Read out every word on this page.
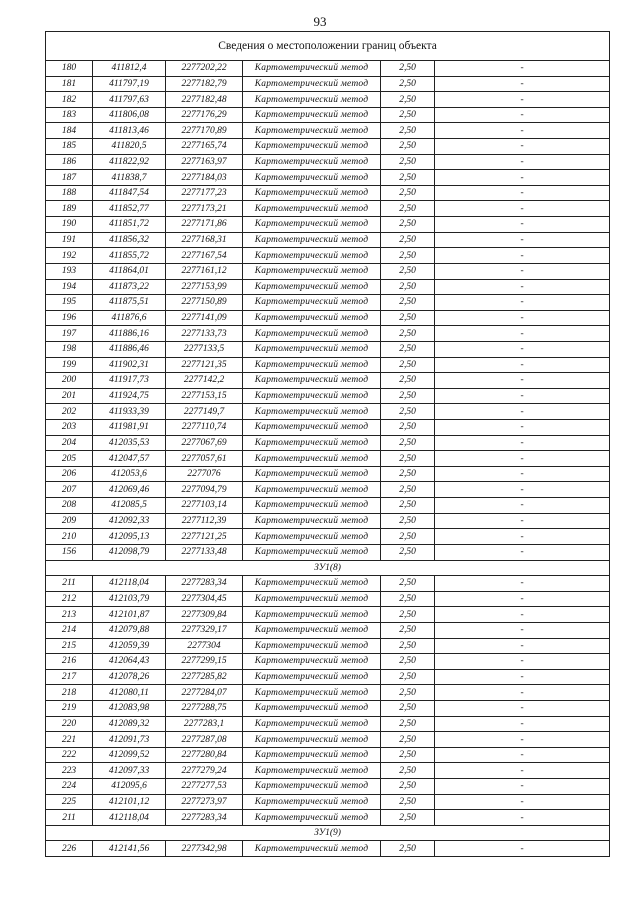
93
Сведения о местоположении границ объекта					
180	411812,4	2277202,22	Картометрический метод	2,50	-
181	411797,19	2277182,79	Картометрический метод	2,50	-
182	411797,63	2277182,48	Картометрический метод	2,50	-
183	411806,08	2277176,29	Картометрический метод	2,50	-
184	411813,46	2277170,89	Картометрический метод	2,50	-
185	411820,5	2277165,74	Картометрический метод	2,50	-
186	411822,92	2277163,97	Картометрический метод	2,50	-
187	411838,7	2277184,03	Картометрический метод	2,50	-
188	411847,54	2277177,23	Картометрический метод	2,50	-
189	411852,77	2277173,21	Картометрический метод	2,50	-
190	411851,72	2277171,86	Картометрический метод	2,50	-
191	411856,32	2277168,31	Картометрический метод	2,50	-
192	411855,72	2277167,54	Картометрический метод	2,50	-
193	411864,01	2277161,12	Картометрический метод	2,50	-
194	411873,22	2277153,99	Картометрический метод	2,50	-
195	411875,51	2277150,89	Картометрический метод	2,50	-
196	411876,6	2277141,09	Картометрический метод	2,50	-
197	411886,16	2277133,73	Картометрический метод	2,50	-
198	411886,46	2277133,5	Картометрический метод	2,50	-
199	411902,31	2277121,35	Картометрический метод	2,50	-
200	411917,73	2277142,2	Картометрический метод	2,50	-
201	411924,75	2277153,15	Картометрический метод	2,50	-
202	411933,39	2277149,7	Картометрический метод	2,50	-
203	411981,91	2277110,74	Картометрический метод	2,50	-
204	412035,53	2277067,69	Картометрический метод	2,50	-
205	412047,57	2277057,61	Картометрический метод	2,50	-
206	412053,6	2277076	Картометрический метод	2,50	-
207	412069,46	2277094,79	Картометрический метод	2,50	-
208	412085,5	2277103,14	Картометрический метод	2,50	-
209	412092,33	2277112,39	Картометрический метод	2,50	-
210	412095,13	2277121,25	Картометрический метод	2,50	-
156	412098,79	2277133,48	Картометрический метод	2,50	-
ЗУ1(8)					
211	412118,04	2277283,34	Картометрический метод	2,50	-
212	412103,79	2277304,45	Картометрический метод	2,50	-
213	412101,87	2277309,84	Картометрический метод	2,50	-
214	412079,88	2277329,17	Картометрический метод	2,50	-
215	412059,39	2277304	Картометрический метод	2,50	-
216	412064,43	2277299,15	Картометрический метод	2,50	-
217	412078,26	2277285,82	Картометрический метод	2,50	-
218	412080,11	2277284,07	Картометрический метод	2,50	-
219	412083,98	2277288,75	Картометрический метод	2,50	-
220	412089,32	2277283,1	Картометрический метод	2,50	-
221	412091,73	2277287,08	Картометрический метод	2,50	-
222	412099,52	2277280,84	Картометрический метод	2,50	-
223	412097,33	2277279,24	Картометрический метод	2,50	-
224	412095,6	2277277,53	Картометрический метод	2,50	-
225	412101,12	2277273,97	Картометрический метод	2,50	-
211	412118,04	2277283,34	Картометрический метод	2,50	-
ЗУ1(9)					
226	412141,56	2277342,98	Картометрический метод	2,50	-
